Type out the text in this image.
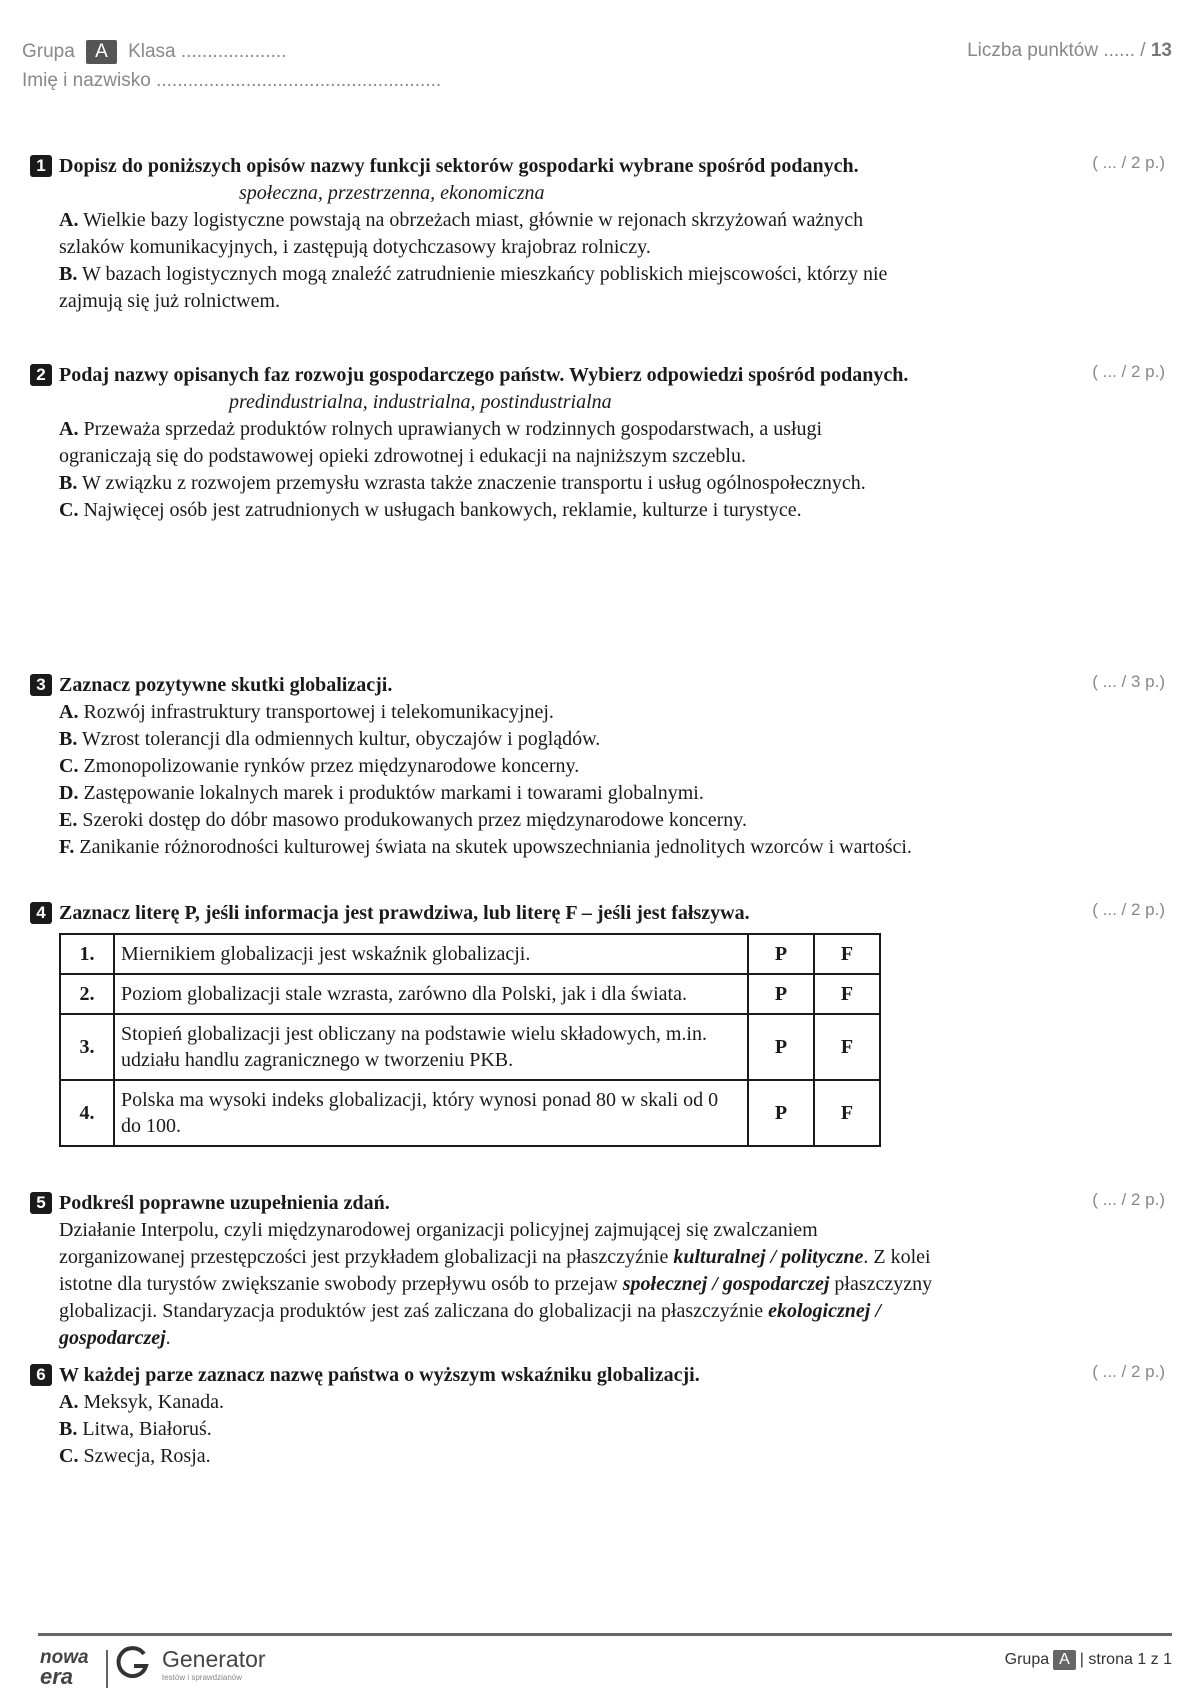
Grupa A Klasa ....................	Liczba punktów ...... / 13
Imię i nazwisko ......................................................
1	( ... / 2 p.)
Dopisz do poniższych opisów nazwy funkcji sektorów gospodarki wybrane spośród podanych.
społeczna, przestrzenna, ekonomiczna
A. Wielkie bazy logistyczne powstają na obrzeżach miast, głównie w rejonach skrzyżowań ważnych szlaków komunikacyjnych, i zastępują dotychczasowy krajobraz rolniczy.
B. W bazach logistycznych mogą znaleźć zatrudnienie mieszkańcy pobliskich miejscowości, którzy nie zajmują się już rolnictwem.
2	( ... / 2 p.)
Podaj nazwy opisanych faz rozwoju gospodarczego państw. Wybierz odpowiedzi spośród podanych.
predindustrialna, industrialna, postindustrialna
A. Przeważa sprzedaż produktów rolnych uprawianych w rodzinnych gospodarstwach, a usługi ograniczają się do podstawowej opieki zdrowotnej i edukacji na najniższym szczeblu.
B. W związku z rozwojem przemysłu wzrasta także znaczenie transportu i usług ogólnospołecznych.
C. Najwięcej osób jest zatrudnionych w usługach bankowych, reklamie, kulturze i turystyce.
3	( ... / 3 p.)
Zaznacz pozytywne skutki globalizacji.
A. Rozwój infrastruktury transportowej i telekomunikacyjnej.
B. Wzrost tolerancji dla odmiennych kultur, obyczajów i poglądów.
C. Zmonopolizowanie rynków przez międzynarodowe koncerny.
D. Zastępowanie lokalnych marek i produktów markami i towarami globalnymi.
E. Szeroki dostęp do dóbr masowo produkowanych przez międzynarodowe koncerny.
F. Zanikanie różnorodności kulturowej świata na skutek upowszechniania jednolitych wzorców i wartości.
4	( ... / 2 p.)
Zaznacz literę P, jeśli informacja jest prawdziwa, lub literę F – jeśli jest fałszywa.
1.	Miernikiem globalizacji jest wskaźnik globalizacji.	P	F
2.	Poziom globalizacji stale wzrasta, zarówno dla Polski, jak i dla świata.	P	F
3.	Stopień globalizacji jest obliczany na podstawie wielu składowych, m.in. udziału handlu zagranicznego w tworzeniu PKB.	P	F
4.	Polska ma wysoki indeks globalizacji, który wynosi ponad 80 w skali od 0 do 100.	P	F
5	( ... / 2 p.)
Podkreśl poprawne uzupełnienia zdań.
Działanie Interpolu, czyli międzynarodowej organizacji policyjnej zajmującej się zwalczaniem zorganizowanej przestępczości jest przykładem globalizacji na płaszczyźnie kulturalnej / polityczne. Z kolei istotne dla turystów zwiększanie swobody przepływu osób to przejaw społecznej / gospodarczej płaszczyzny globalizacji. Standaryzacja produktów jest zaś zaliczana do globalizacji na płaszczyźnie ekologicznej / gospodarczej.
6	( ... / 2 p.)
W każdej parze zaznacz nazwę państwa o wyższym wskaźniku globalizacji.
A. Meksyk, Kanada.
B. Litwa, Białoruś.
C. Szwecja, Rosja.
nowa
era
Generator
testów i sprawdzianów
Grupa A | strona 1 z 1
